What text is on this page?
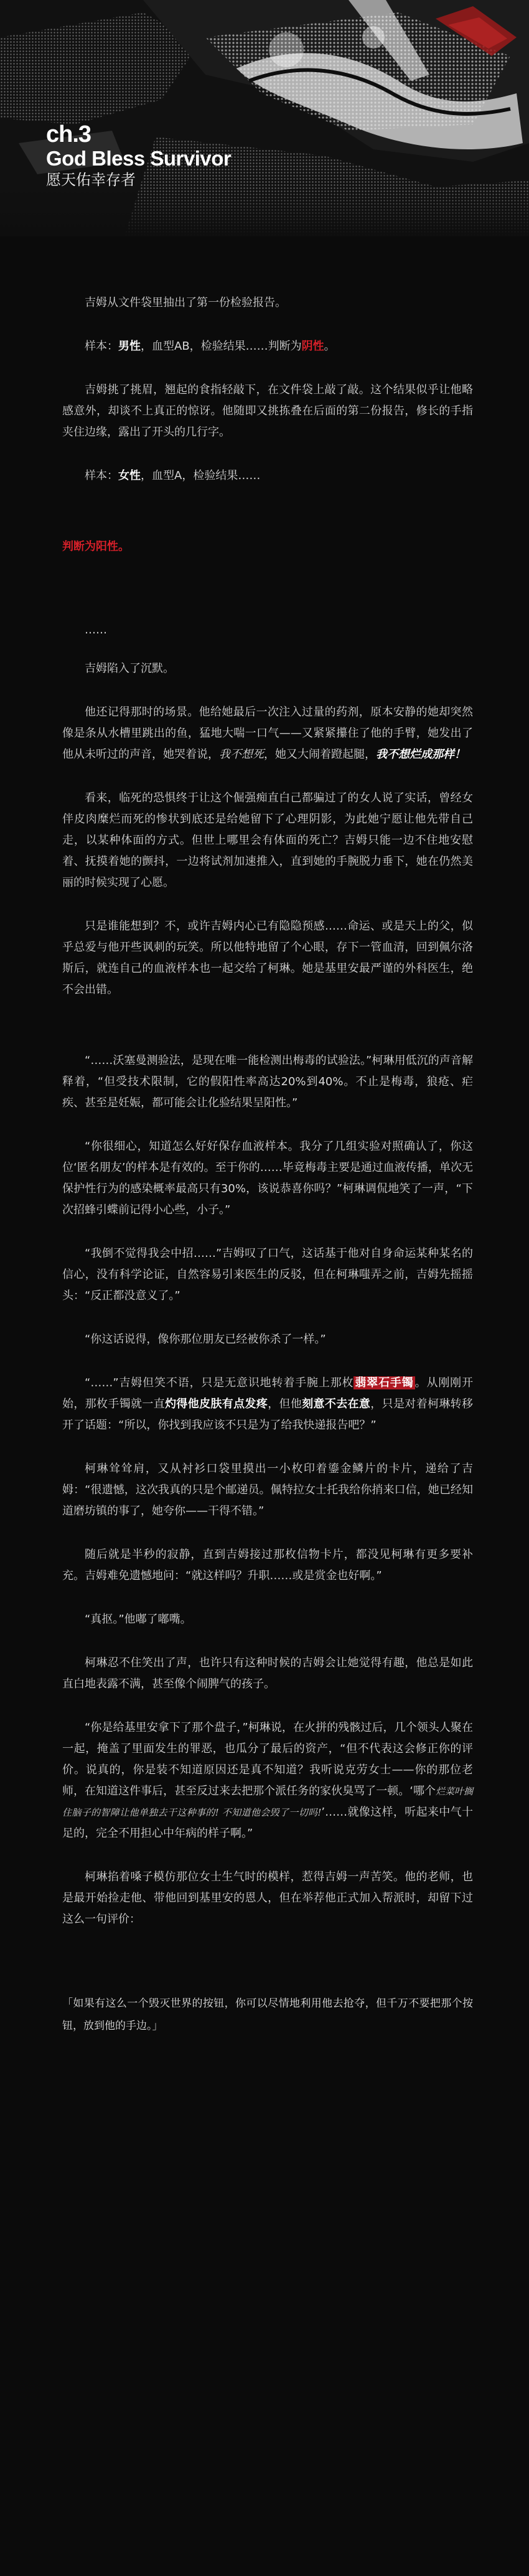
ch.3
God Bless Survivor
愿天佑幸存者

吉姆从文件袋里抽出了第一份检验报告。

样本：男性，血型AB，检验结果……判断为阴性。

吉姆挑了挑眉，翘起的食指轻敲下，在文件袋上敲了敲。这个结果似乎让他略感意外，却谈不上真正的惊讶。他随即又挑拣叠在后面的第二份报告，修长的手指夹住边缘，露出了开头的几行字。

样本：女性，血型A，检验结果……

判断为阳性。

……

吉姆陷入了沉默。

他还记得那时的场景。他给她最后一次注入过量的药剂，原本安静的她却突然像是条从水槽里跳出的鱼，猛地大喘一口气——又紧紧攥住了他的手臂，她发出了他从未听过的声音，她哭着说，我不想死，她又大闹着蹬起腿，我不想烂成那样！

看来，临死的恐惧终于让这个倔强痴直白己都骗过了的女人说了实话，曾经女伴皮肉糜烂而死的惨状到底还是给她留下了心理阴影，为此她宁愿让他先带自己走，以某种体面的方式。但世上哪里会有体面的死亡？吉姆只能一边不住地安慰着、抚摸着她的颤抖，一边将试剂加速推入，直到她的手腕脱力垂下，她在仍然美丽的时候实现了心愿。

只是谁能想到？不，或许吉姆内心已有隐隐预感……命运、或是天上的父，似乎总爱与他开些讽刺的玩笑。所以他特地留了个心眼，存下一管血清，回到佩尔洛斯后，就连自己的血液样本也一起交给了柯琳。她是基里安最严谨的外科医生，绝不会出错。

“……沃塞曼测验法，是现在唯一能检测出梅毒的试验法。”柯琳用低沉的声音解释着，“但受技术限制，它的假阳性率高达20%到40%。不止是梅毒，狼疮、疟疾、甚至是妊娠，都可能会让化验结果呈阳性。”

“你很细心，知道怎么好好保存血液样本。我分了几组实验对照确认了，你这位‘匿名朋友’的样本是有效的。至于你的……毕竟梅毒主要是通过血液传播，单次无保护性行为的感染概率最高只有30%，该说恭喜你吗？”柯琳调侃地笑了一声，“下次招蜂引蝶前记得小心些，小子。”

“我倒不觉得我会中招……”吉姆叹了口气，这话基于他对自身命运某种某名的信心，没有科学论证，自然容易引来医生的反驳，但在柯琳嗤弄之前，吉姆先摇摇头：“反正都没意义了。”

“你这话说得，像你那位朋友已经被你杀了一样。”

“……”吉姆但笑不语，只是无意识地转着手腕上那枚 翡翠石手镯 。从刚刚开始，那枚手镯就一直灼得他皮肤有点发疼，但他刻意不去在意，只是对着柯琳转移开了话题：“所以，你找到我应该不只是为了给我快递报告吧？”

柯琳耸耸肩，又从衬衫口袋里摸出一小枚印着鎏金鳞片的卡片，递给了吉姆：“很遗憾，这次我真的只是个邮递员。佩特拉女士托我给你捎来口信，她已经知道磨坊镇的事了，她夸你——干得不错。”

随后就是半秒的寂静，直到吉姆接过那枚信物卡片，都没见柯琳有更多要补充。吉姆难免遗憾地问：“就这样吗？升职……或是赏金也好啊。”

“真抠。”他嘟了嘟嘴。

柯琳忍不住笑出了声，也许只有这种时候的吉姆会让她觉得有趣，他总是如此直白地表露不满，甚至像个闹脾气的孩子。

“你是给基里安拿下了那个盘子，”柯琳说，在火拼的残骸过后，几个领头人聚在一起，掩盖了里面发生的罪恶，也瓜分了最后的资产，“但不代表这会修正你的评价。说真的，你是装不知道原因还是真不知道？我听说克劳女士——你的那位老师，在知道这件事后，甚至反过来去把那个派任务的家伙臭骂了一顿。‘哪个烂菜叶搁住脑子的智障让他单独去干这种事的! 不知道他会毁了一切吗!’……就像这样，听起来中气十足的，完全不用担心中年病的样子啊。”

柯琳掐着嗓子模仿那位女士生气时的模样，惹得吉姆一声苦笑。他的老师，也是最开始捡走他、带他回到基里安的恩人，但在举荐他正式加入帮派时，却留下过这么一句评价：

「如果有这么一个毁灭世界的按钮，你可以尽情地利用他去抢夺，但千万不要把那个按钮，放到他的手边。」
